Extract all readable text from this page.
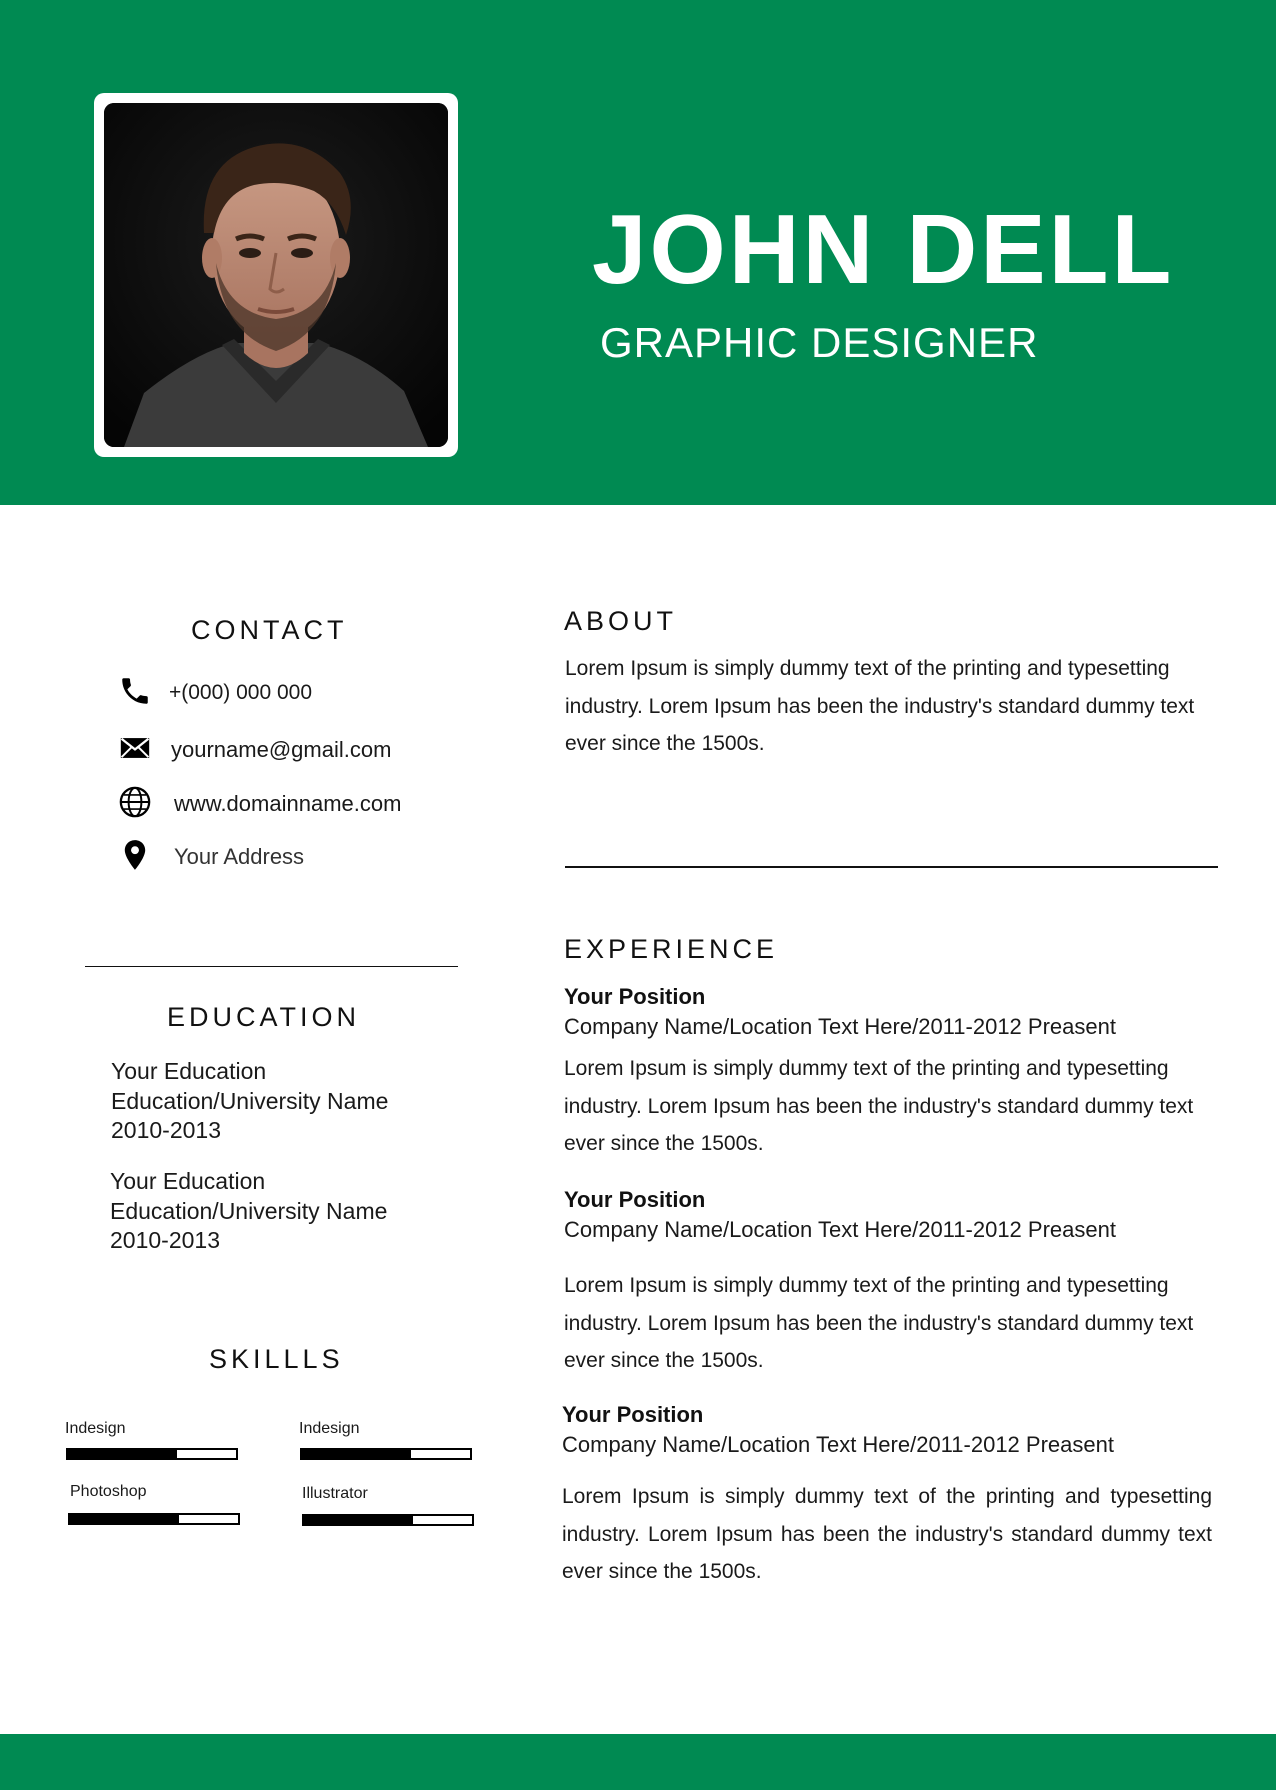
JOHN DELL
GRAPHIC DESIGNER
CONTACT
+(000) 000 000
yourname@gmail.com
www.domainname.com
Your Address
EDUCATION
Your Education
Education/University Name
2010-2013
Your Education
Education/University Name
2010-2013
SKILLLS
Indesign	Indesign
Photoshop	Illustrator
ABOUT
Lorem Ipsum is simply dummy text of the printing and typesetting industry. Lorem Ipsum has been the industry's standard dummy text ever since the 1500s.
EXPERIENCE
Your Position
Company Name/Location Text Here/2011-2012 Preasent
Lorem Ipsum is simply dummy text of the printing and typesetting industry. Lorem Ipsum has been the industry's standard dummy text ever since the 1500s.
Your Position
Company Name/Location Text Here/2011-2012 Preasent
Lorem Ipsum is simply dummy text of the printing and typesetting industry. Lorem Ipsum has been the industry's standard dummy text ever since the 1500s.
Your Position
Company Name/Location Text Here/2011-2012 Preasent
Lorem Ipsum is simply dummy text of the printing and typesetting industry. Lorem Ipsum has been the industry's standard dummy text ever since the 1500s.
